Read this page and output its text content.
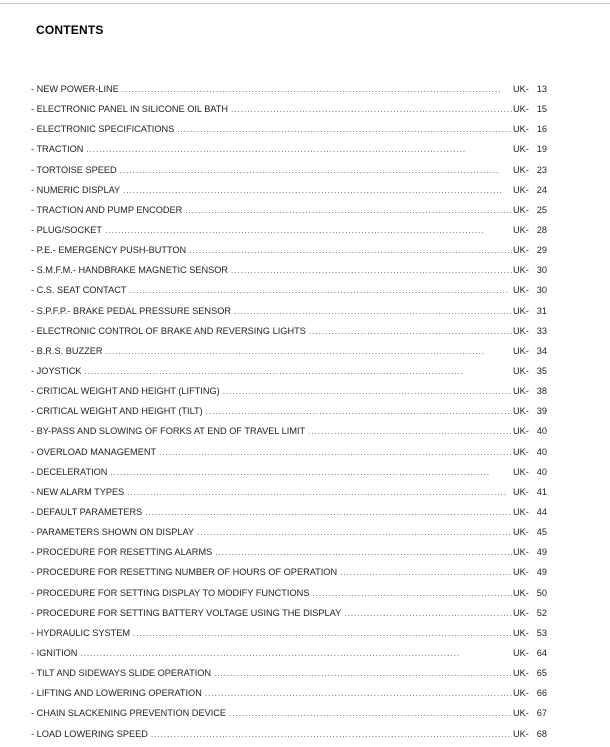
CONTENTS
- NEW POWER-LINE . . .	UK- 13
- ELECTRONIC PANEL IN SILICONE OIL BATH . . .	UK- 15
- ELECTRONIC SPECIFICATIONS . . .	UK- 16
- TRACTION . . .	UK- 19
- TORTOISE SPEED . . .	UK- 23
- NUMERIC DISPLAY . . .	UK- 24
- TRACTION AND PUMP ENCODER . . .	UK- 25
- PLUG/SOCKET . . .	UK- 28
- P.E.- EMERGENCY PUSH-BUTTON . . .	UK- 29
- S.M.F.M.- HANDBRAKE MAGNETIC SENSOR . . .	UK- 30
- C.S. SEAT CONTACT . . .	UK- 30
- S.P.F.P.- BRAKE PEDAL PRESSURE SENSOR . . .	UK- 31
- ELECTRONIC CONTROL OF BRAKE AND REVERSING LIGHTS . . .	UK- 33
- B.R.S. BUZZER . . .	UK- 34
- JOYSTICK . . .	UK- 35
- CRITICAL WEIGHT AND HEIGHT (LIFTING) . . .	UK- 38
- CRITICAL WEIGHT AND HEIGHT (TILT) . . .	UK- 39
- BY-PASS AND SLOWING OF FORKS AT END OF TRAVEL LIMIT . . .	UK- 40
- OVERLOAD MANAGEMENT . . .	UK- 40
- DECELERATION . . .	UK- 40
- NEW ALARM TYPES . . .	UK- 41
- DEFAULT PARAMETERS . . .	UK- 44
- PARAMETERS SHOWN ON DISPLAY . . .	UK- 45
- PROCEDURE FOR RESETTING ALARMS . . .	UK- 49
- PROCEDURE FOR RESETTING NUMBER OF HOURS OF OPERATION . . .	UK- 49
- PROCEDURE FOR SETTING DISPLAY TO MODIFY FUNCTIONS . . .	UK- 50
- PROCEDURE FOR SETTING BATTERY VOLTAGE USING THE DISPLAY . . .	UK- 52
- HYDRAULIC SYSTEM . . .	UK- 53
- IGNITION . . .	UK- 64
- TILT AND SIDEWAYS SLIDE OPERATION . . .	UK- 65
- LIFTING AND LOWERING OPERATION . . .	UK- 66
- CHAIN SLACKENING PREVENTION DEVICE . . .	UK- 67
- LOAD LOWERING SPEED . . .	UK- 68
